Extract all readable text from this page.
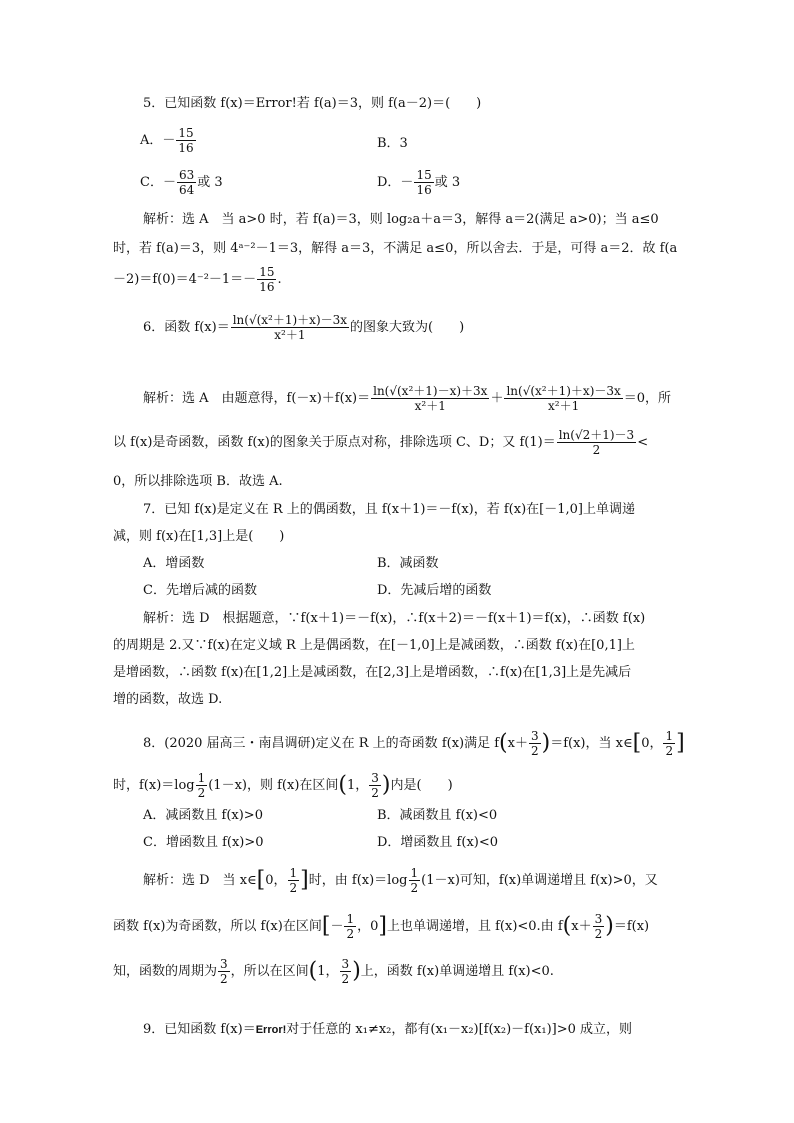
5．已知函数 f(x)＝Error!若 f(a)＝3，则 f(a－2)＝(　　)
A．－ $\frac{15}{16}$	B．3
C．－ $\frac{63}{64}$ 或 3	D．－ $\frac{15}{16}$ 或 3
解析：选 A　当 a>0 时，若 f(a)＝3，则 log₂a＋a＝3，解得 a＝2(满足 a>0)；当 a≤0
时，若 f(a)＝3，则 4ᵃ⁻²－1＝3，解得 a＝3，不满足 a≤0，所以舍去．于是，可得 a＝2．故 f(a
$-2)=f(0)=4^{-2}-1=- \frac{15}{16}$ .
6．函数 $f(x)= \frac{\text{ln(√(x²＋1)＋x)－3x}}{\text{x²＋1}}$ 的图象大致为(　　)
解析：选 A　由题意得，$f(-x)+f(x)= \frac{\text{ln(√(x²＋1)－x)＋3x}}{\text{x²＋1}} + \frac{\text{ln(√(x²＋1)＋x)－3x}}{\text{x²＋1}} =0$，所
以 f(x)是奇函数，函数 f(x)的图象关于原点对称，排除选项 C、D；又 $f(1)= \frac{\ln(√2+1)-3}{2}$ <
0，所以排除选项 B．故选 A.
7．已知 f(x)是定义在 R 上的偶函数，且 f(x＋1)＝－f(x)，若 f(x)在[－1,0]上单调递
减，则 f(x)在[1,3]上是(　　)
A．增函数	B．减函数
C．先增后减的函数	D．先减后增的函数
解析：选 D　根据题意，∵f(x＋1)＝－f(x)，∴f(x＋2)＝－f(x＋1)＝f(x)，∴函数 f(x)
的周期是 2.又∵f(x)在定义域 R 上是偶函数，在[－1,0]上是减函数，∴函数 f(x)在[0,1]上
是增函数，∴函数 f(x)在[1,2]上是减函数，在[2,3]上是增函数，∴f(x)在[1,3]上是先减后
增的函数，故选 D.
8．(2020 届高三・南昌调研)定义在 R 上的奇函数 f(x)满足 $f(x+ \frac{3}{2} )=f(x)$，当 x∈[0， $\frac{1}{2}$ ]
时，$f(x)=\log \frac{1}{2} (1-x)$，则 f(x)在区间(1， $\frac{3}{2}$ )内是(　　)
A．减函数且 f(x)>0	B．减函数且 f(x)<0
C．增函数且 f(x)>0	D．增函数且 f(x)<0
解析：选 D　当 x∈[0， $\frac{1}{2}$ ]时，由 $f(x)=\log \frac{1}{2} (1-x)$可知，f(x)单调递增且 f(x)>0，又
函数 f(x)为奇函数，所以 f(x)在区间[－ $\frac{1}{2}$ ，0]上也单调递增，且 f(x)<0.由 $f(x+ \frac{3}{2} )=f(x)$
知，函数的周期为 $\frac{3}{2}$ ，所以在区间(1， $\frac{3}{2}$ )上，函数 f(x)单调递增且 f(x)<0.
9．已知函数 f(x)＝Error!对于任意的 x₁≠x₂，都有(x₁－x₂)[f(x₂)－f(x₁)]>0 成立，则
